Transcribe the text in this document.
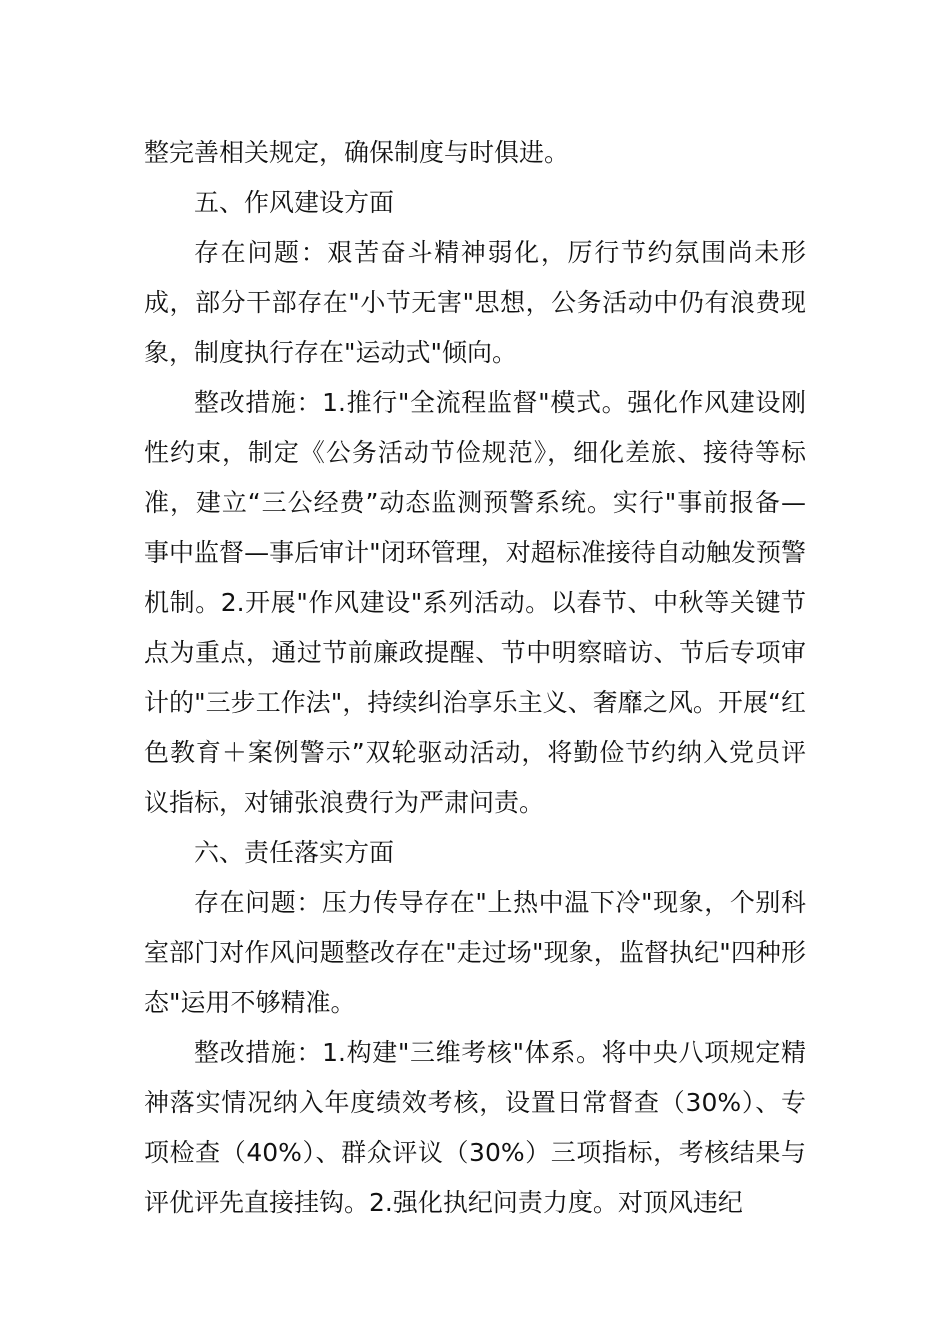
整完善相关规定，确保制度与时俱进。

五、作风建设方面

存在问题：艰苦奋斗精神弱化，厉行节约氛围尚未形成，部分干部存在"小节无害"思想，公务活动中仍有浪费现象，制度执行存在"运动式"倾向。

整改措施：1.推行"全流程监督"模式。强化作风建设刚性约束，制定《公务活动节俭规范》，细化差旅、接待等标准，建立“三公经费”动态监测预警系统。实行"事前报备—事中监督—事后审计"闭环管理，对超标准接待自动触发预警机制。2.开展"作风建设"系列活动。以春节、中秋等关键节点为重点，通过节前廉政提醒、节中明察暗访、节后专项审计的"三步工作法"，持续纠治享乐主义、奢靡之风。开展“红色教育＋案例警示”双轮驱动活动，将勤俭节约纳入党员评议指标，对铺张浪费行为严肃问责。

六、责任落实方面

存在问题：压力传导存在"上热中温下冷"现象，个别科室部门对作风问题整改存在"走过场"现象，监督执纪"四种形态"运用不够精准。

整改措施：1.构建"三维考核"体系。将中央八项规定精神落实情况纳入年度绩效考核，设置日常督查（30%）、专项检查（40%）、群众评议（30%）三项指标，考核结果与评优评先直接挂钩。2.强化执纪问责力度。对顶风违纪
